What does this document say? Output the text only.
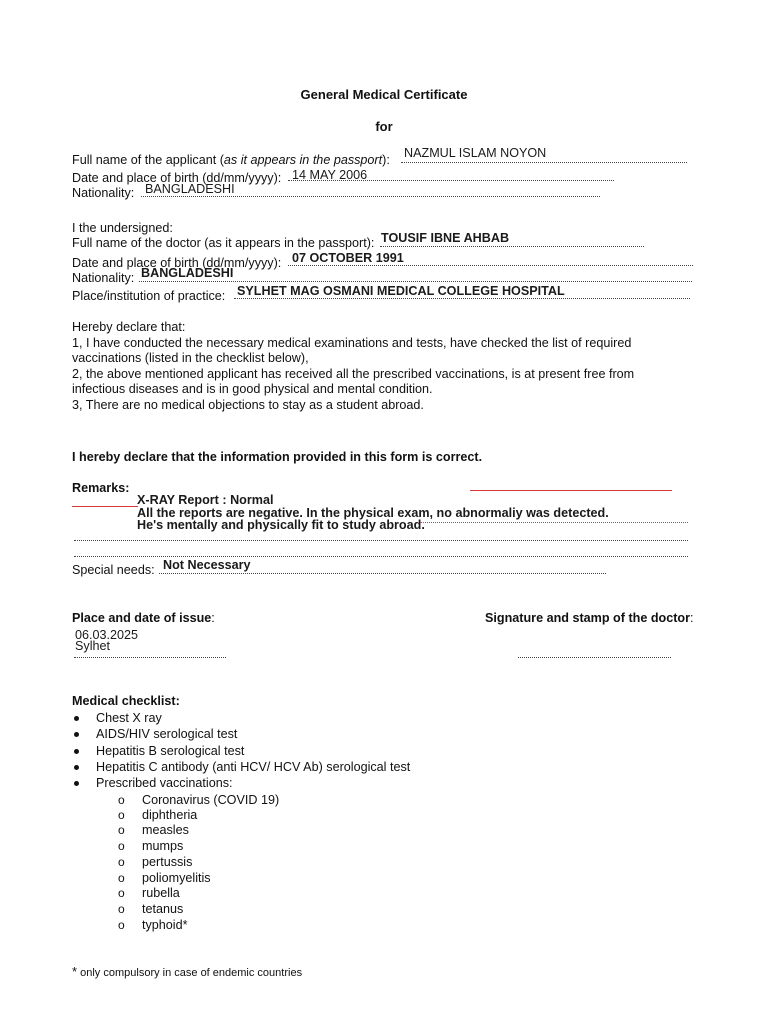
General Medical Certificate
for
Full name of the applicant (as it appears in the passport): NAZMUL ISLAM NOYON
Date and place of birth (dd/mm/yyyy): 14 MAY 2006
Nationality: BANGLADESHI
I the undersigned:
Full name of the doctor (as it appears in the passport): TOUSIF IBNE AHBAB
Date and place of birth (dd/mm/yyyy): 07 OCTOBER 1991
Nationality: BANGLADESHI
Place/institution of practice: SYLHET MAG OSMANI MEDICAL COLLEGE HOSPITAL
Hereby declare that:
1, I have conducted the necessary medical examinations and tests, have checked the list of required
vaccinations (listed in the checklist below),
2, the above mentioned applicant has received all the prescribed vaccinations, is at present free from
infectious diseases and is in good physical and mental condition.
3, There are no medical objections to stay as a student abroad.
I hereby declare that the information provided in this form is correct.
Remarks:
X-RAY Report : Normal
All the reports are negative. In the physical exam, no abnormaliy was detected.
He's mentally and physically fit to study abroad.
Special needs: Not Necessary
Place and date of issue:
06.03.2025
Sylhet
Signature and stamp of the doctor:
Medical checklist:
Chest X ray
AIDS/HIV serological test
Hepatitis B serological test
Hepatitis C antibody (anti HCV/ HCV Ab) serological test
Prescribed vaccinations:
o Coronavirus (COVID 19)
o diphtheria
o measles
o mumps
o pertussis
o poliomyelitis
o rubella
o tetanus
o typhoid*
* only compulsory in case of endemic countries
